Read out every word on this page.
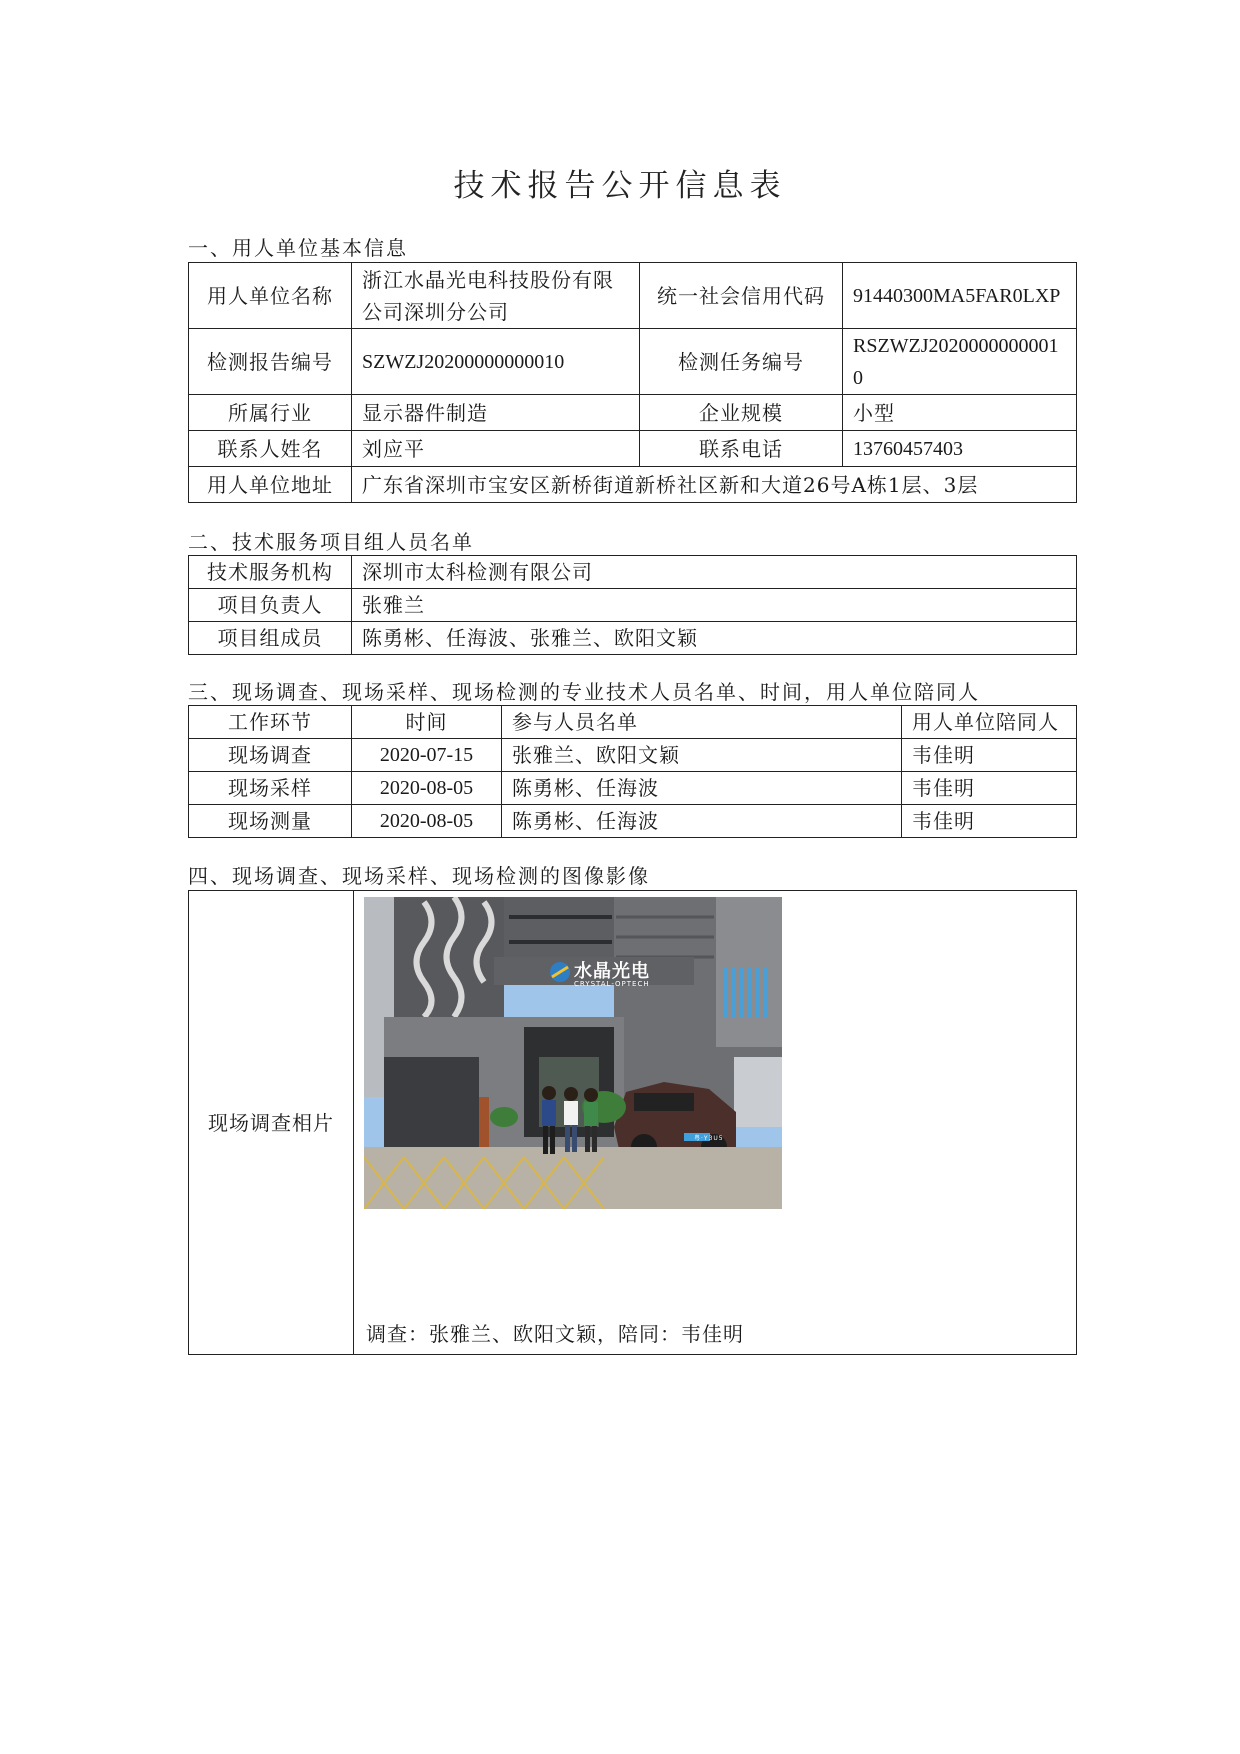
技术报告公开信息表
一、用人单位基本信息
用人单位名称	浙江水晶光电科技股份有限公司深圳分公司	统一社会信用代码	91440300MA5FAR0LXP
检测报告编号	SZWZJ20200000000010	检测任务编号	RSZWZJ20200000000010
所属行业	显示器件制造	企业规模	小型
联系人姓名	刘应平	联系电话	13760457403
用人单位地址	广东省深圳市宝安区新桥街道新桥社区新和大道26号A栋1层、3层		
二、技术服务项目组人员名单
技术服务机构	深圳市太科检测有限公司
项目负责人	张雅兰
项目组成员	陈勇彬、任海波、张雅兰、欧阳文颖
三、现场调查、现场采样、现场检测的专业技术人员名单、时间，用人单位陪同人
工作环节	时间	参与人员名单	用人单位陪同人
现场调查	2020-07-15	张雅兰、欧阳文颖	韦佳明
现场采样	2020-08-05	陈勇彬、任海波	韦佳明
现场测量	2020-08-05	陈勇彬、任海波	韦佳明
四、现场调查、现场采样、现场检测的图像影像
现场调查相片	
水晶光电
CRYSTAL-OPTECH
粤·Y3U5
调查：张雅兰、欧阳文颖，陪同：韦佳明
